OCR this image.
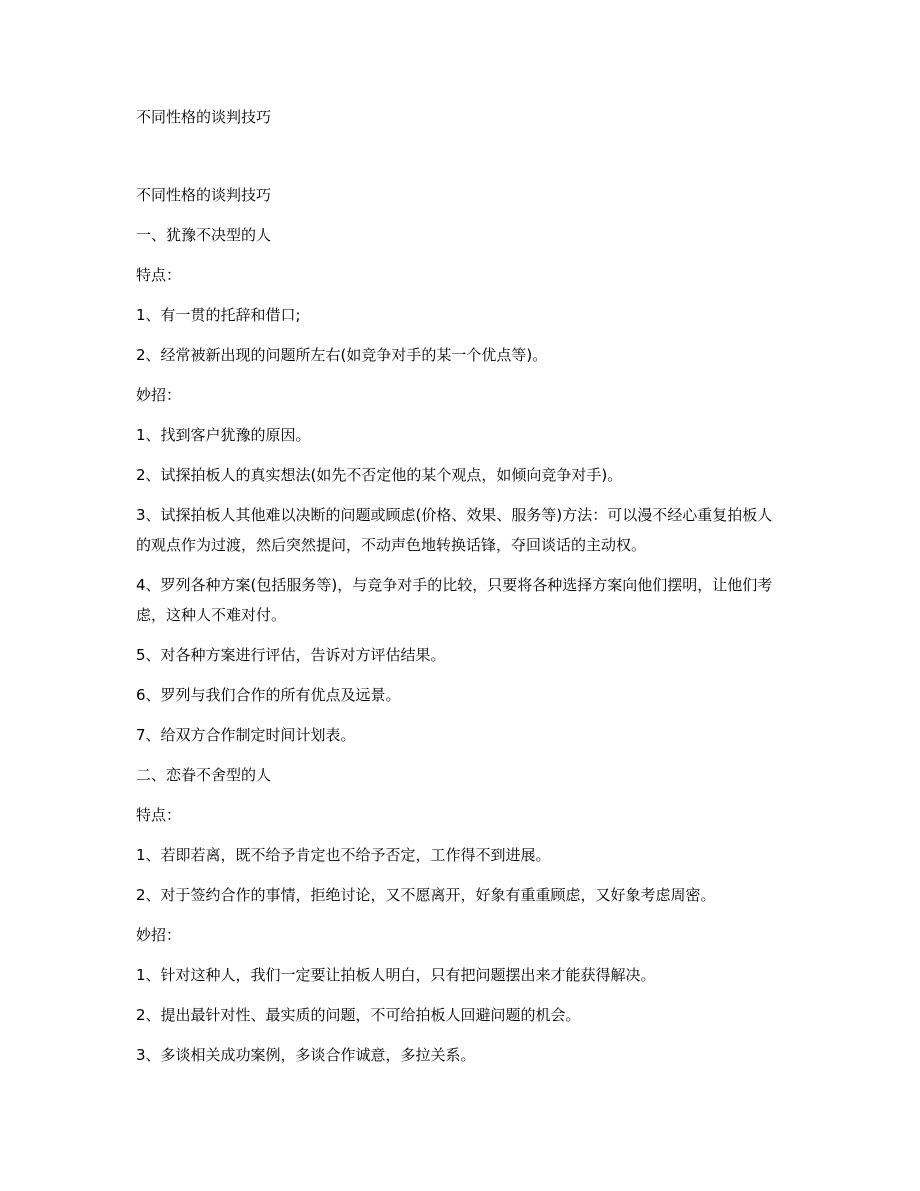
不同性格的谈判技巧

不同性格的谈判技巧

一、犹豫不决型的人

特点：

1、有一贯的托辞和借口;

2、经常被新出现的问题所左右(如竞争对手的某一个优点等)。

妙招：

1、找到客户犹豫的原因。

2、试探拍板人的真实想法(如先不否定他的某个观点，如倾向竞争对手)。

3、试探拍板人其他难以决断的问题或顾虑(价格、效果、服务等)方法：可以漫不经心重复拍板人的观点作为过渡，然后突然提问，不动声色地转换话锋，夺回谈话的主动权。

4、罗列各种方案(包括服务等)，与竞争对手的比较，只要将各种选择方案向他们摆明，让他们考虑，这种人不难对付。

5、对各种方案进行评估，告诉对方评估结果。

6、罗列与我们合作的所有优点及远景。

7、给双方合作制定时间计划表。

二、恋眷不舍型的人

特点：

1、若即若离，既不给予肯定也不给予否定，工作得不到进展。

2、对于签约合作的事情，拒绝讨论，又不愿离开，好象有重重顾虑，又好象考虑周密。

妙招：

1、针对这种人，我们一定要让拍板人明白，只有把问题摆出来才能获得解决。

2、提出最针对性、最实质的问题，不可给拍板人回避问题的机会。

3、多谈相关成功案例，多谈合作诚意，多拉关系。
